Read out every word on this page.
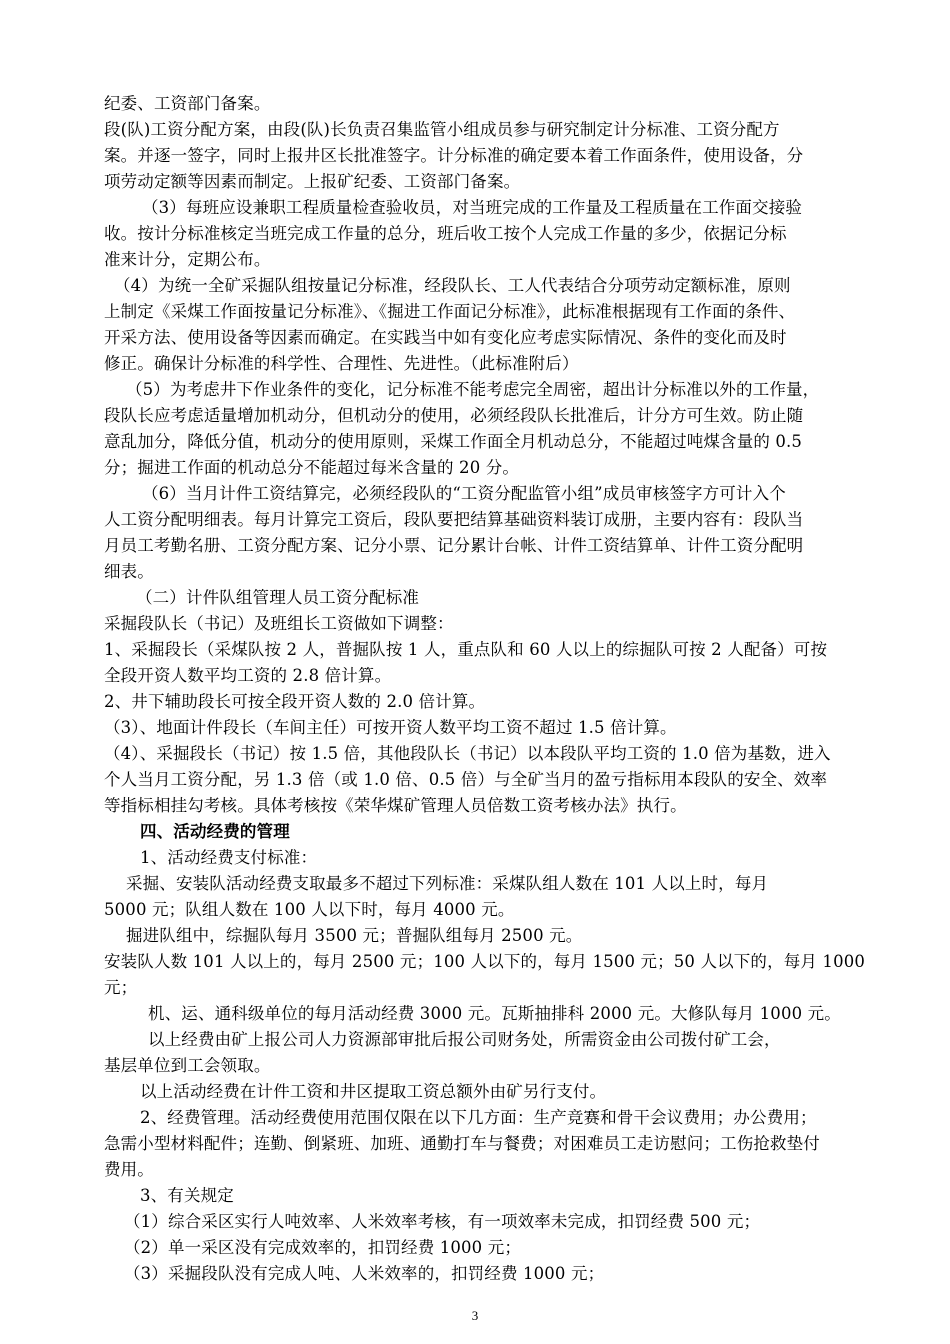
纪委、工资部门备案。

段(队)工资分配方案，由段(队)长负责召集监管小组成员参与研究制定计分标准、工资分配方

案。并逐一签字，同时上报井区长批准签字。计分标准的确定要本着工作面条件，使用设备，分

项劳动定额等因素而制定。上报矿纪委、工资部门备案。

（3）每班应设兼职工程质量检查验收员，对当班完成的工作量及工程质量在工作面交接验

收。按计分标准核定当班完成工作量的总分，班后收工按个人完成工作量的多少，依据记分标

准来计分，定期公布。

（4）为统一全矿采掘队组按量记分标准，经段队长、工人代表结合分项劳动定额标准，原则

上制定《采煤工作面按量记分标准》、《掘进工作面记分标准》，此标准根据现有工作面的条件、

开采方法、使用设备等因素而确定。在实践当中如有变化应考虑实际情况、条件的变化而及时

修正。确保计分标准的科学性、合理性、先进性。（此标准附后）

（5）为考虑井下作业条件的变化，记分标准不能考虑完全周密，超出计分标准以外的工作量，

段队长应考虑适量增加机动分，但机动分的使用，必须经段队长批准后，计分方可生效。防止随

意乱加分，降低分值，机动分的使用原则，采煤工作面全月机动总分，不能超过吨煤含量的 0.5

分；掘进工作面的机动总分不能超过每米含量的 20 分。

（6）当月计件工资结算完，必须经段队的“工资分配监管小组”成员审核签字方可计入个

人工资分配明细表。每月计算完工资后，段队要把结算基础资料装订成册，主要内容有：段队当

月员工考勤名册、工资分配方案、记分小票、记分累计台帐、计件工资结算单、计件工资分配明

细表。

（二）计件队组管理人员工资分配标准

采掘段队长（书记）及班组长工资做如下调整：

1、采掘段长（采煤队按 2 人，普掘队按 1 人，重点队和 60 人以上的综掘队可按 2 人配备）可按

全段开资人数平均工资的 2.8 倍计算。

2、井下辅助段长可按全段开资人数的 2.0 倍计算。

（3）、地面计件段长（车间主任）可按开资人数平均工资不超过 1.5 倍计算。

（4）、采掘段长（书记）按 1.5 倍，其他段队长（书记）以本段队平均工资的 1.0 倍为基数，进入

个人当月工资分配，另 1.3 倍（或 1.0 倍、0.5 倍）与全矿当月的盈亏指标用本段队的安全、效率

等指标相挂勾考核。具体考核按《荣华煤矿管理人员倍数工资考核办法》执行。

四、活动经费的管理

1、活动经费支付标准：

采掘、安装队活动经费支取最多不超过下列标准：采煤队组人数在 101 人以上时，每月

5000 元；队组人数在 100 人以下时，每月 4000 元。

掘进队组中，综掘队每月 3500 元；普掘队组每月 2500 元。

安装队人数 101 人以上的，每月 2500 元；100 人以下的，每月 1500 元；50 人以下的，每月 1000

元；

机、运、通科级单位的每月活动经费 3000 元。瓦斯抽排科 2000 元。大修队每月 1000 元。

以上经费由矿上报公司人力资源部审批后报公司财务处，所需资金由公司拨付矿工会，

基层单位到工会领取。

以上活动经费在计件工资和井区提取工资总额外由矿另行支付。

2、经费管理。活动经费使用范围仅限在以下几方面：生产竞赛和骨干会议费用；办公费用；

急需小型材料配件；连勤、倒紧班、加班、通勤打车与餐费；对困难员工走访慰问；工伤抢救垫付

费用。

3、有关规定

（1）综合采区实行人吨效率、人米效率考核，有一项效率未完成，扣罚经费 500 元；

（2）单一采区没有完成效率的，扣罚经费 1000 元；

（3）采掘段队没有完成人吨、人米效率的，扣罚经费 1000 元；

3
